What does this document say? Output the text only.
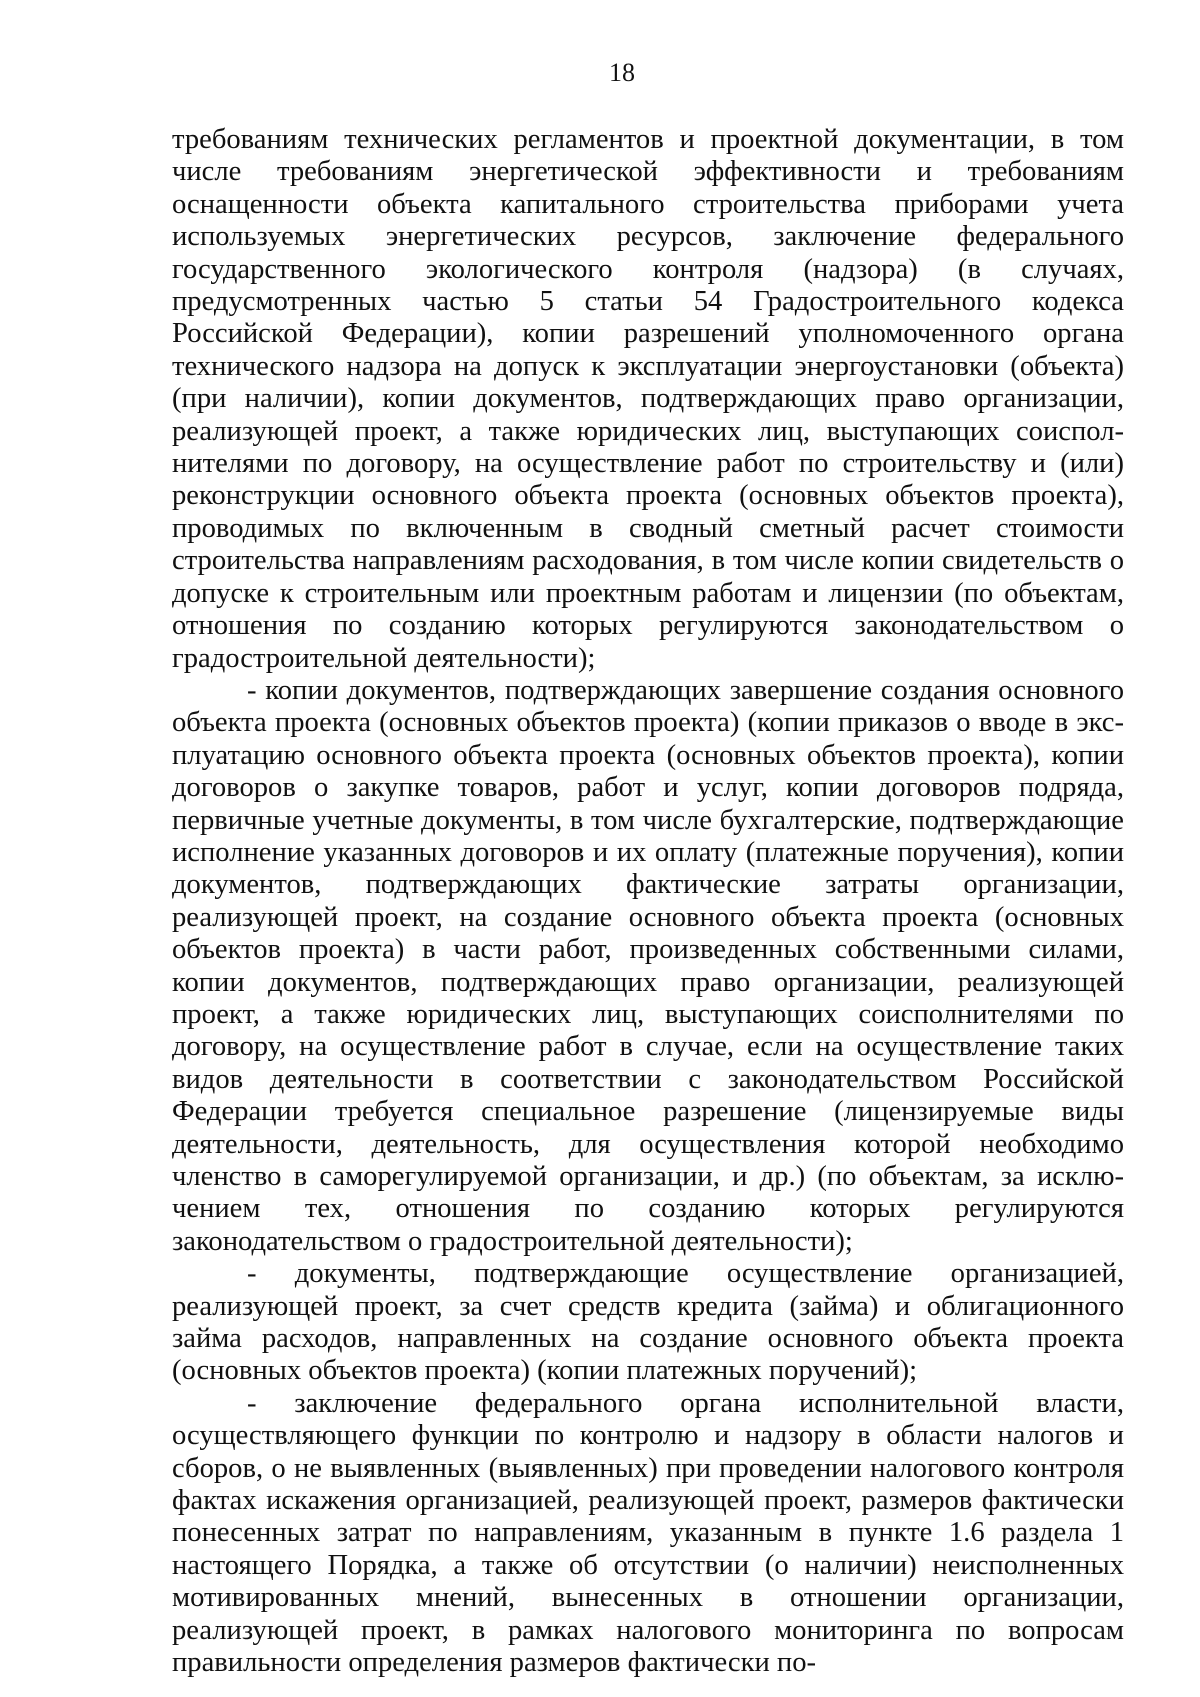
18

требованиям технических регламентов и проектной документации, в том числе требованиям энергетической эффективности и требованиям оснащенности объекта капитального строительства приборами учета используемых энергетических ресурсов, заключение федерального государственного экологического контроля (надзора) (в случаях, предусмотренных частью 5 статьи 54 Градостроительного кодекса Российской Федерации), копии разрешений уполномоченного органа технического надзора на допуск к эксплуатации энергоустановки (объекта) (при наличии), копии документов, подтверждающих право организации, реализующей проект, а также юридических лиц, выступающих соисполнителями по договору, на осуществление работ по строительству и (или) реконструкции основного объекта проекта (основных объектов проекта), проводимых по включенным в сводный сметный расчет стоимости строительства направлениям расходования, в том числе копии свидетельств о допуске к строительным или проектным работам и лицензии (по объектам, отношения по созданию которых регулируются законодательством о градостроительной деятельности);

- копии документов, подтверждающих завершение создания основного объекта проекта (основных объектов проекта) (копии приказов о вводе в эксплуатацию основного объекта проекта (основных объектов проекта), копии договоров о закупке товаров, работ и услуг, копии договоров подряда, первичные учетные документы, в том числе бухгалтерские, подтверждающие исполнение указанных договоров и их оплату (платежные поручения), копии документов, подтверждающих фактические затраты организации, реализующей проект, на создание основного объекта проекта (основных объектов проекта) в части работ, произведенных собственными силами, копии документов, подтверждающих право организации, реализующей проект, а также юридических лиц, выступающих соисполнителями по договору, на осуществление работ в случае, если на осуществление таких видов деятельности в соответствии с законодательством Российской Федерации требуется специальное разрешение (лицензируемые виды деятельности, деятельность, для осуществления которой необходимо членство в саморегулируемой организации, и др.) (по объектам, за исключением тех, отношения по созданию которых регулируются законодательством о градостроительной деятельности);

- документы, подтверждающие осуществление организацией, реализующей проект, за счет средств кредита (займа) и облигационного займа расходов, направленных на создание основного объекта проекта (основных объектов проекта) (копии платежных поручений);

- заключение федерального органа исполнительной власти, осуществляющего функции по контролю и надзору в области налогов и сборов, о не выявленных (выявленных) при проведении налогового контроля фактах искажения организацией, реализующей проект, размеров фактически понесенных затрат по направлениям, указанным в пункте 1.6 раздела 1 настоящего Порядка, а также об отсутствии (о наличии) неисполненных мотивированных мнений, вынесенных в отношении организации, реализующей проект, в рамках налогового мониторинга по вопросам правильности определения размеров фактически по-
